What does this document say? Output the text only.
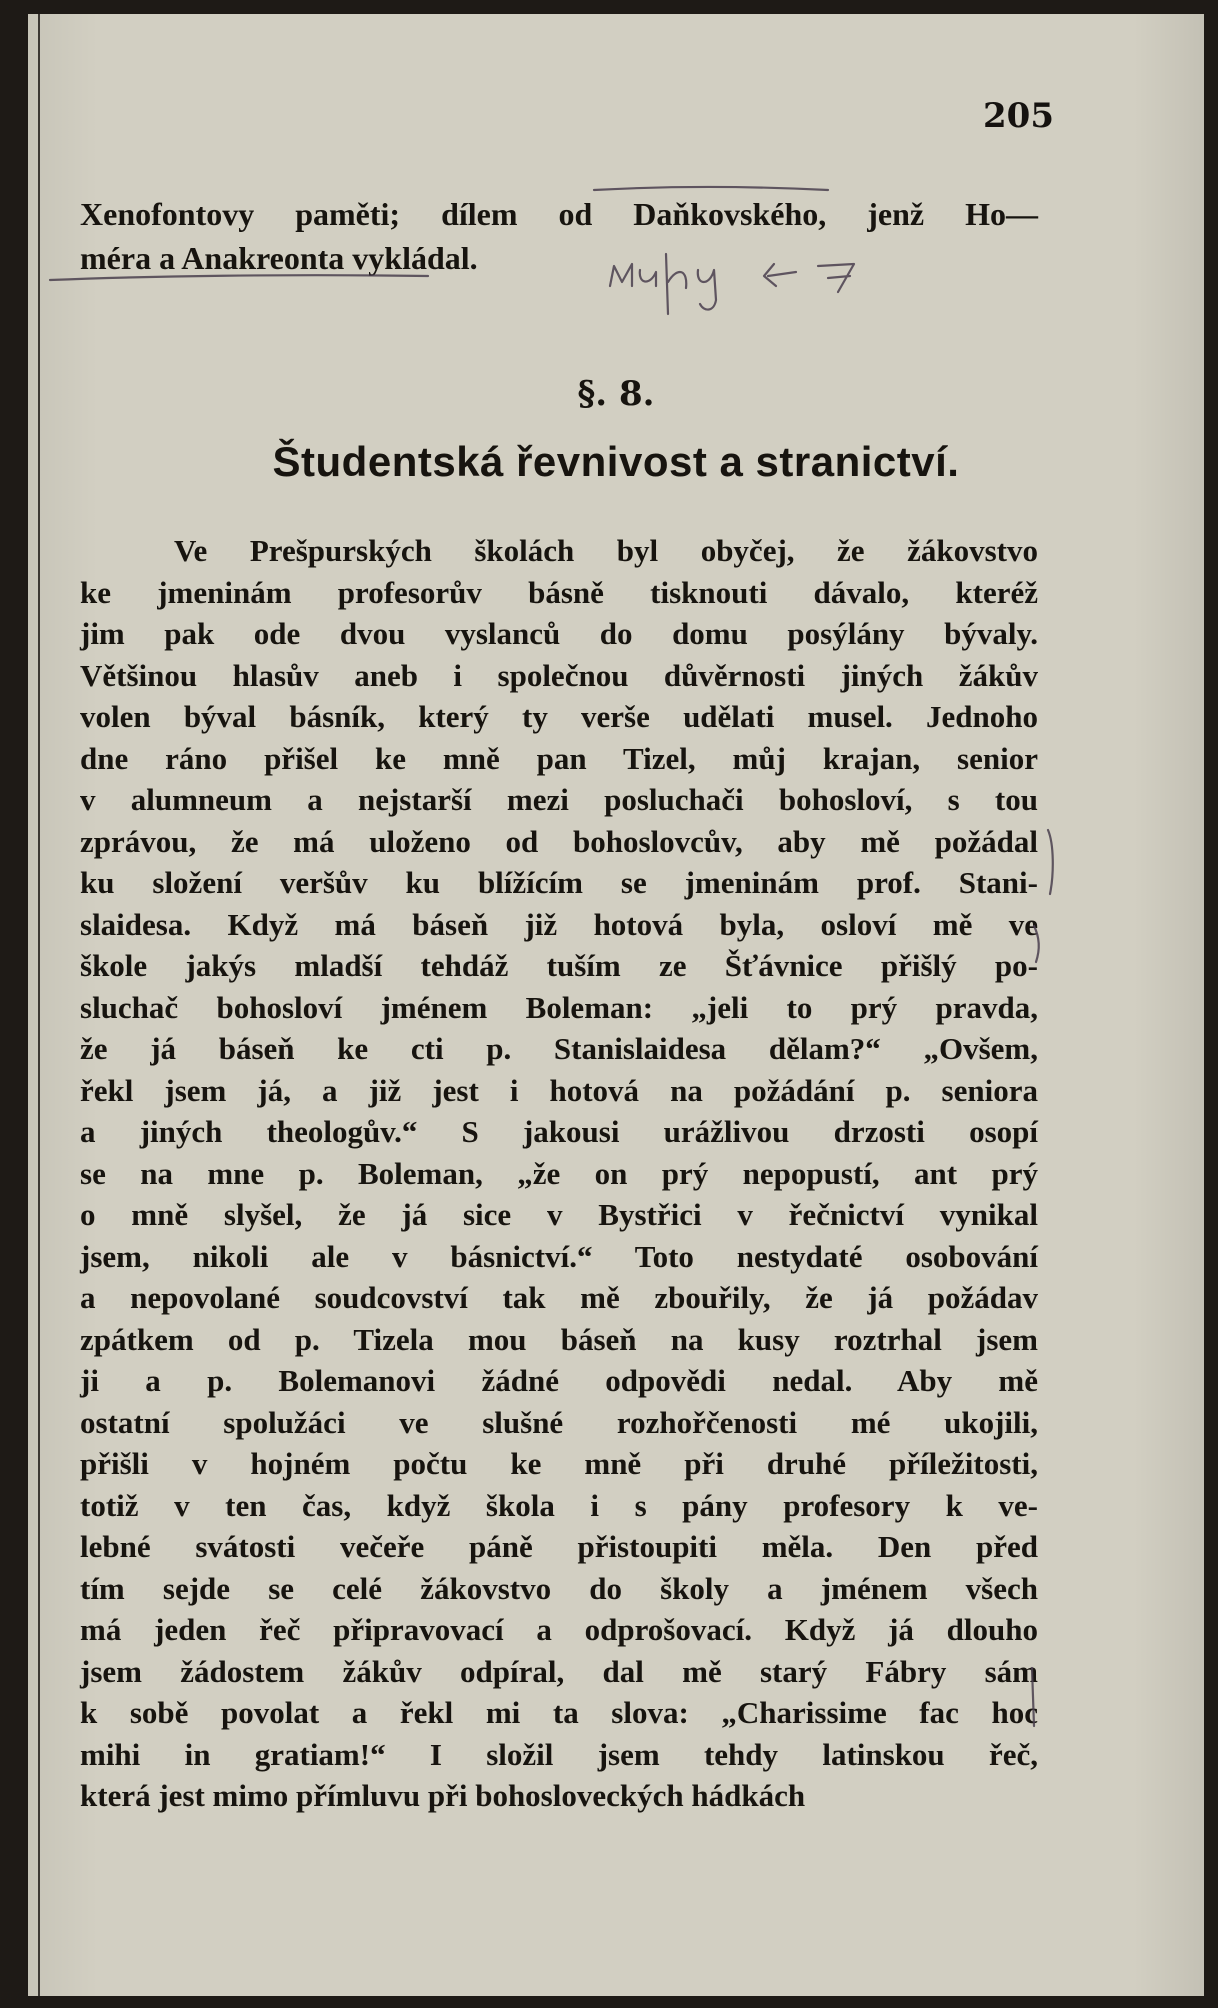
205
Xenofontovy paměti; dílem od Daňkovského, jenž Ho—
méra a Anakreonta vykládal.
§. 8.
Študentská řevnivost a stranictví.
Ve Prešpurských školách byl obyčej, že žákovstvo
ke jmeninám profesorův básně tisknouti dávalo, kteréž
jim pak ode dvou vyslanců do domu posýlány bývaly.
Většinou hlasův aneb i společnou důvěrnosti jiných žákův
volen býval básník, který ty verše udělati musel. Jednoho
dne ráno přišel ke mně pan Tizel, můj krajan, senior
v alumneum a nejstarší mezi posluchači bohosloví, s tou
zprávou, že má uloženo od bohoslovcův, aby mě požádal
ku složení veršův ku blížícím se jmeninám prof. Stani-
slaidesa. Když má báseň již hotová byla, osloví mě ve
škole jakýs mladší tehdáž tuším ze Šťávnice přišlý po-
sluchač bohosloví jménem Boleman: „jeli to prý pravda,
že já báseň ke cti p. Stanislaidesa dělam?“ „Ovšem,
řekl jsem já, a již jest i hotová na požádání p. seniora
a jiných theologův.“ S jakousi urážlivou drzosti osopí
se na mne p. Boleman, „že on prý nepopustí, ant prý
o mně slyšel, že já sice v Bystřici v řečnictví vynikal
jsem, nikoli ale v básnictví.“ Toto nestydaté osobování
a nepovolané soudcovství tak mě zbouřily, že já požádav
zpátkem od p. Tizela mou báseň na kusy roztrhal jsem
ji a p. Bolemanovi žádné odpovědi nedal. Aby mě
ostatní spolužáci ve slušné rozhořčenosti mé ukojili,
přišli v hojném počtu ke mně při druhé příležitosti,
totiž v ten čas, když škola i s pány profesory k ve-
lebné svátosti večeře páně přistoupiti měla. Den před
tím sejde se celé žákovstvo do školy a jménem všech
má jeden řeč připravovací a odprošovací. Když já dlouho
jsem žádostem žákův odpíral, dal mě starý Fábry sám
k sobě povolat a řekl mi ta slova: „Charissime fac hoc
mihi in gratiam!“ I složil jsem tehdy latinskou řeč,
která jest mimo přímluvu při bohosloveckých hádkách
